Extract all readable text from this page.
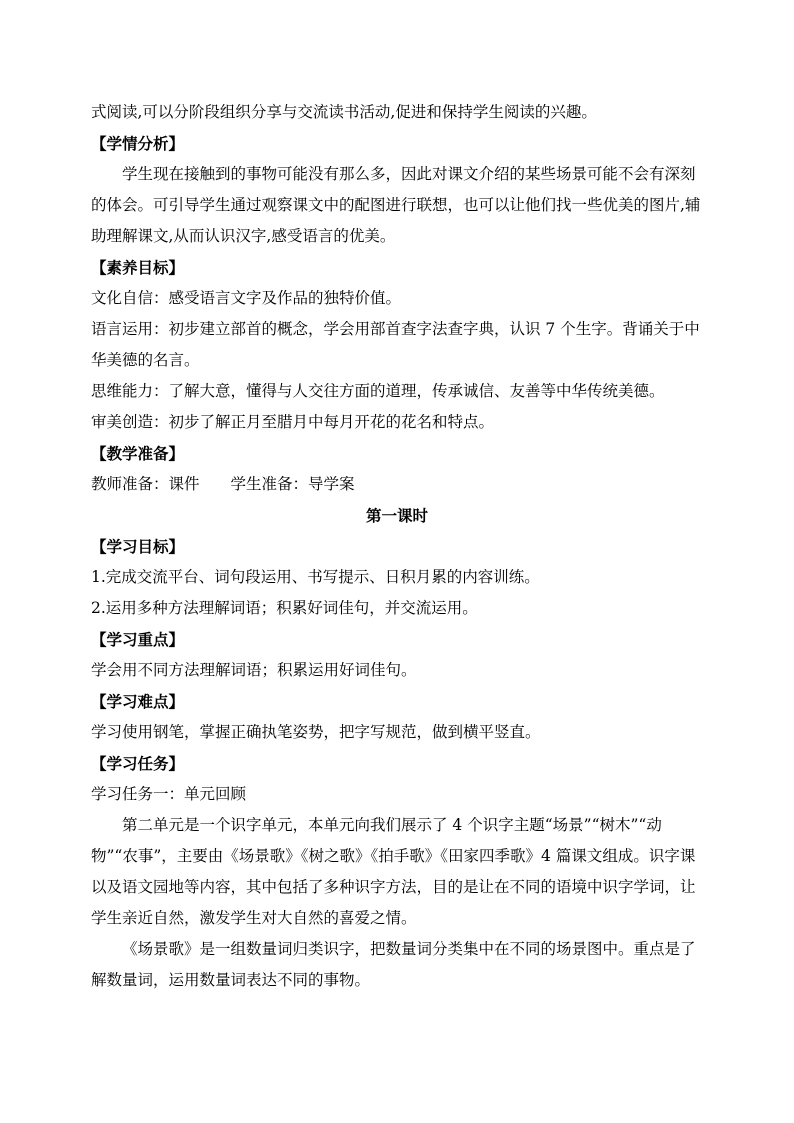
式阅读,可以分阶段组织分享与交流读书活动,促进和保持学生阅读的兴趣。

【学情分析】

学生现在接触到的事物可能没有那么多，因此对课文介绍的某些场景可能不会有深刻的体会。可引导学生通过观察课文中的配图进行联想，也可以让他们找一些优美的图片,辅助理解课文,从而认识汉字,感受语言的优美。

【素养目标】

文化自信：感受语言文字及作品的独特价值。

语言运用：初步建立部首的概念，学会用部首查字法查字典，认识 7 个生字。背诵关于中华美德的名言。

思维能力：了解大意，懂得与人交往方面的道理，传承诚信、友善等中华传统美德。

审美创造：初步了解正月至腊月中每月开花的花名和特点。

【教学准备】

教师准备：课件　　学生准备：导学案

第一课时

【学习目标】

1.完成交流平台、词句段运用、书写提示、日积月累的内容训练。

2.运用多种方法理解词语；积累好词佳句，并交流运用。

【学习重点】

学会用不同方法理解词语；积累运用好词佳句。

【学习难点】

学习使用钢笔，掌握正确执笔姿势，把字写规范，做到横平竖直。

【学习任务】

学习任务一：单元回顾

第二单元是一个识字单元，本单元向我们展示了 4 个识字主题“场景”“树木”“动物”“农事”，主要由《场景歌》《树之歌》《拍手歌》《田家四季歌》4 篇课文组成。识字课以及语文园地等内容，其中包括了多种识字方法，目的是让在不同的语境中识字学词，让学生亲近自然，激发学生对大自然的喜爱之情。

《场景歌》是一组数量词归类识字，把数量词分类集中在不同的场景图中。重点是了解数量词，运用数量词表达不同的事物。
